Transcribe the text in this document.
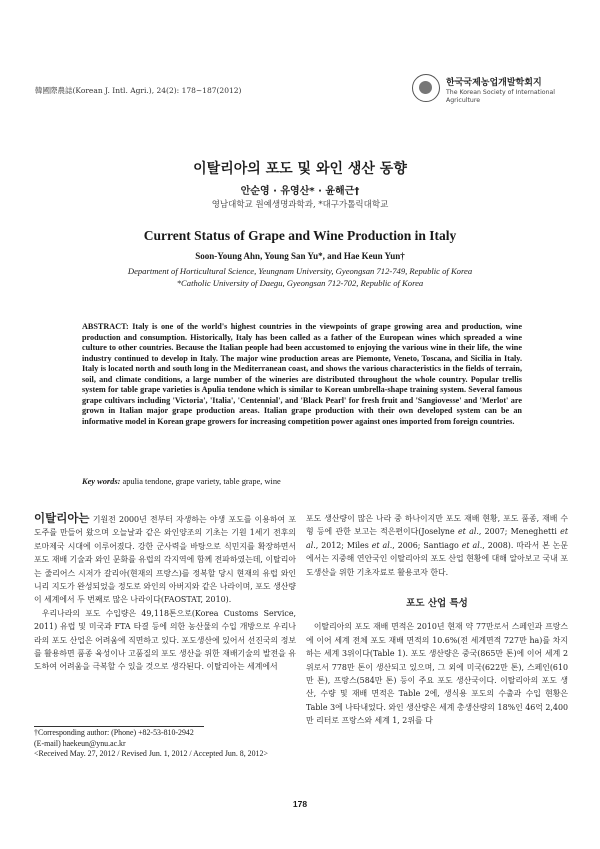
韓國際農誌(Korean J. Intl. Agri.), 24(2): 178~187(2012)
한국국제농업개발학회지
The Korean Society of International Agriculture
이탈리아의 포도 및 와인 생산 동향
안순영 · 유영산* · 윤해근†
영남대학교 원예생명과학과, *대구가톨릭대학교
Current Status of Grape and Wine Production in Italy
Soon-Young Ahn, Young San Yu*, and Hae Keun Yun†
Department of Horticultural Science, Yeungnam University, Gyeongsan 712-749, Republic of Korea
*Catholic University of Daegu, Gyeongsan 712-702, Republic of Korea
ABSTRACT: Italy is one of the world's highest countries in the viewpoints of grape growing area and production, wine production and consumption. Historically, Italy has been called as a father of the European wines which spreaded a wine culture to other countries. Because the Italian people had been accustomed to enjoying the various wine in their life, the wine industry continued to develop in Italy. The major wine production areas are Piemonte, Veneto, Toscana, and Sicilia in Italy. Italy is located north and south long in the Mediterranean coast, and shows the various characteristics in the fields of terrain, soil, and climate conditions, a large number of the wineries are distributed throughout the whole country. Popular trellis system for table grape varieties is Apulia tendone which is similar to Korean umbrella-shape training system. Several famous grape cultivars including 'Victoria', 'Italia', 'Centennial', and 'Black Pearl' for fresh fruit and 'Sangiovesse' and 'Merlot' are grown in Italian major grape production areas. Italian grape production with their own developed system can be an informative model in Korean grape growers for increasing competition power against ones imported from foreign countries.
Key words: apulia tendone, grape variety, table grape, wine

이탈리아는 기원전 2000년 전부터 자생하는 야생 포도를 이용하여 포도주를 만들어 왔으며 오늘날과 같은 와인양조의 기초는 기원 1세기 전후의 로마제국 시대에 이루어졌다. 강한 군사력을 바탕으로 식민지를 확장하면서 포도 재배 기술과 와인 문화를 유럽의 각지역에 함께 전파하였는데, 이탈리아는 줄리어스 시저가 갈리아(현재의 프랑스)를 정복할 당시 현재의 유럽 와인니리 지도가 완성되었을 정도로 와인의 아버지와 같은 나라이며, 포도 생산량이 세계에서 두 번째로 많은 나라이다(FAOSTAT, 2010).

우리나라의 포도 수입량은 49,118톤으로(Korea Customs Service, 2011) 유럽 및 미국과 FTA 타결 등에 의한 농산물의 수입 개방으로 우리나라의 포도 산업은 어려움에 직면하고 있다. 포도생산에 있어서 선진국의 정보를 활용하면 품종 육성이나 고품질의 포도 생산을 위한 재배기술의 발전을 유도하여 어려움을 극복할 수 있을 것으로 생각된다. 이탈리아는 세계에서

포도 생산량이 많은 나라 중 하나이지만 포도 재배 현황, 포도 품종, 재배 수형 등에 관한 보고는 적은편이다(Joselyne et al., 2007; Meneghetti et al., 2012; Miles et al., 2006; Santiago et al., 2008). 따라서 본 논문에서는 지중해 연안국인 이탈리아의 포도 산업 현황에 대해 알아보고 국내 포도생산을 위한 기초자료로 활용코자 한다.

포도 산업 특성

이탈리아의 포도 재배 면적은 2010년 현재 약 77만로서 스페인과 프랑스에 이어 세계 전체 포도 재배 면적의 10.6%(전 세계면적 727만 ha)를 차지하는 세계 3위이다(Table 1). 포도 생산량은 중국(865만 톤)에 이어 세계 2위로서 778만 톤이 생산되고 있으며, 그 외에 미국(622만 톤), 스페인(610만 톤), 프랑스(584만 톤) 등이 주요 포도 생산국이다. 이탈리아의 포도 생산, 수량 및 재배 면적은 Table 2에, 생식용 포도의 수출과 수입 현황은 Table 3에 나타내었다. 와인 생산량은 세계 총생산량의 18%인 46억 2,400만 리터로 프랑스와 세계 1, 2위를 다

†Corresponding author: (Phone) +82-53-810-2942
(E-mail) haekeun@ynu.ac.kr
<Received May. 27, 2012 / Revised Jun. 1, 2012 / Accepted Jun. 8, 2012>
178
